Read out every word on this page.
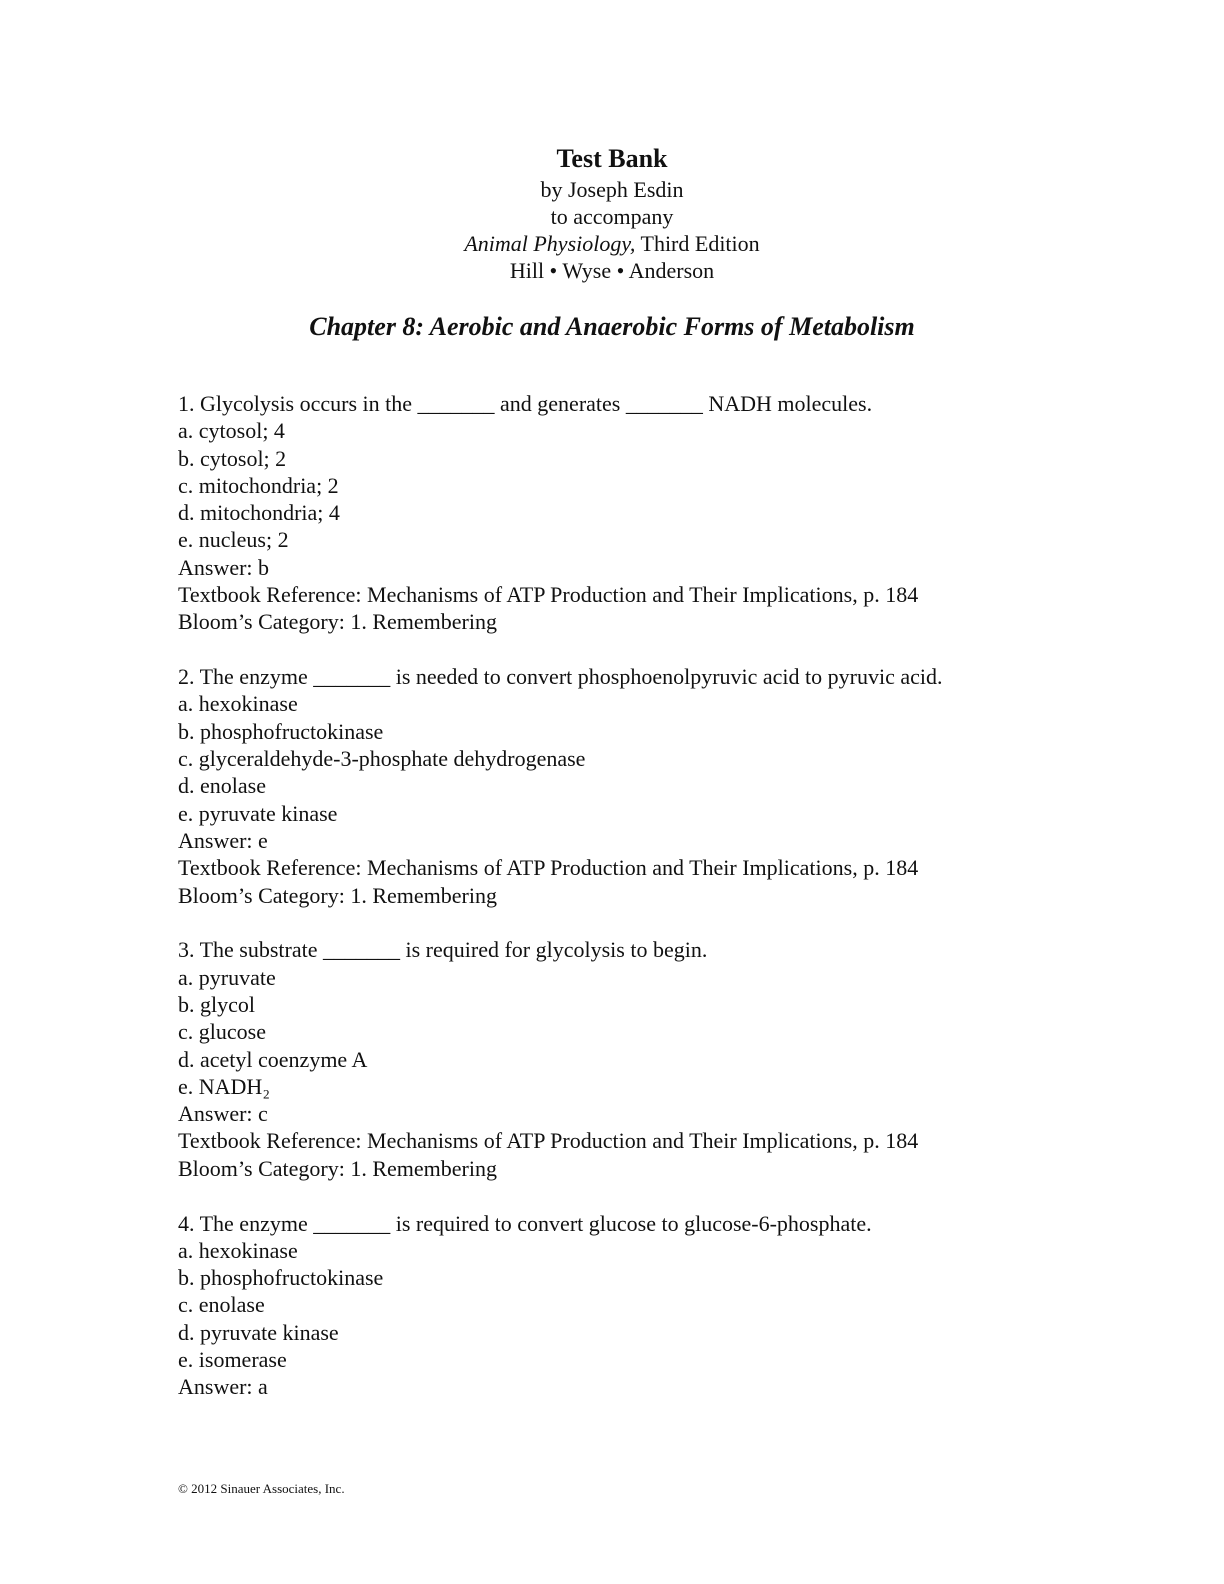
Test Bank
by Joseph Esdin
to accompany
Animal Physiology, Third Edition
Hill • Wyse • Anderson
Chapter 8: Aerobic and Anaerobic Forms of Metabolism
1. Glycolysis occurs in the _______ and generates _______ NADH molecules.
a. cytosol; 4
b. cytosol; 2
c. mitochondria; 2
d. mitochondria; 4
e. nucleus; 2
Answer: b
Textbook Reference: Mechanisms of ATP Production and Their Implications, p. 184
Bloom’s Category: 1. Remembering
2. The enzyme _______ is needed to convert phosphoenolpyruvic acid to pyruvic acid.
a. hexokinase
b. phosphofructokinase
c. glyceraldehyde-3-phosphate dehydrogenase
d. enolase
e. pyruvate kinase
Answer: e
Textbook Reference: Mechanisms of ATP Production and Their Implications, p. 184
Bloom’s Category: 1. Remembering
3. The substrate _______ is required for glycolysis to begin.
a. pyruvate
b. glycol
c. glucose
d. acetyl coenzyme A
e. NADH₂
Answer: c
Textbook Reference: Mechanisms of ATP Production and Their Implications, p. 184
Bloom’s Category: 1. Remembering
4. The enzyme _______ is required to convert glucose to glucose-6-phosphate.
a. hexokinase
b. phosphofructokinase
c. enolase
d. pyruvate kinase
e. isomerase
Answer: a
© 2012 Sinauer Associates, Inc.
